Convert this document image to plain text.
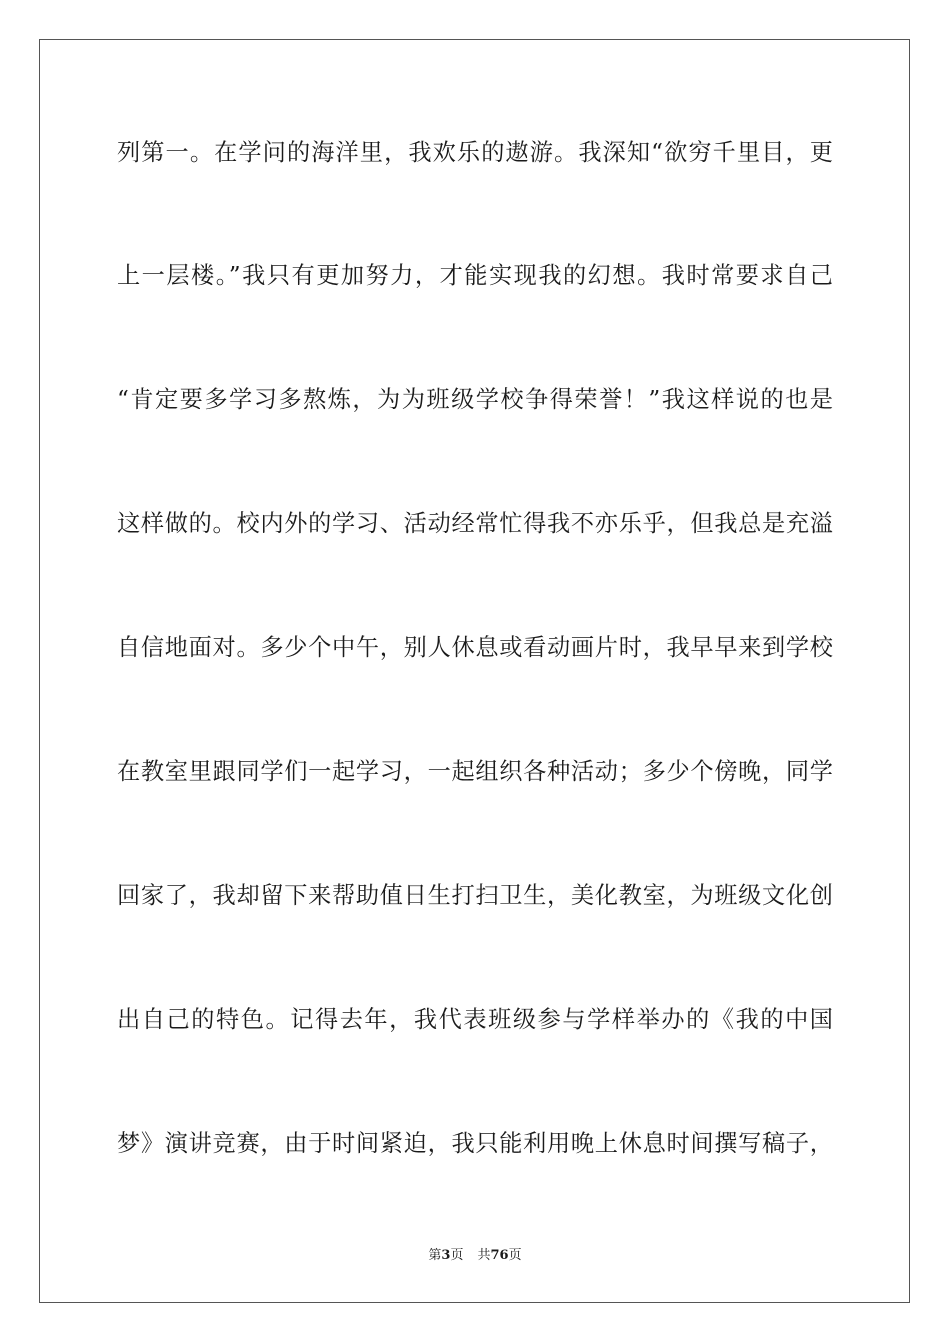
列第一。在学问的海洋里，我欢乐的遨游。我深知“欲穷千里目，更
上一层楼。”我只有更加努力，才能实现我的幻想。我时常要求自己
“肯定要多学习多熬炼，为为班级学校争得荣誉！”我这样说的也是
这样做的。校内外的学习、活动经常忙得我不亦乐乎，但我总是充溢
自信地面对。多少个中午，别人休息或看动画片时，我早早来到学校
在教室里跟同学们一起学习，一起组织各种活动；多少个傍晚，同学
回家了，我却留下来帮助值日生打扫卫生，美化教室，为班级文化创
出自己的特色。记得去年，我代表班级参与学样举办的《我的中国
梦》演讲竞赛，由于时间紧迫，我只能利用晚上休息时间撰写稿子，
第3页 共76页
